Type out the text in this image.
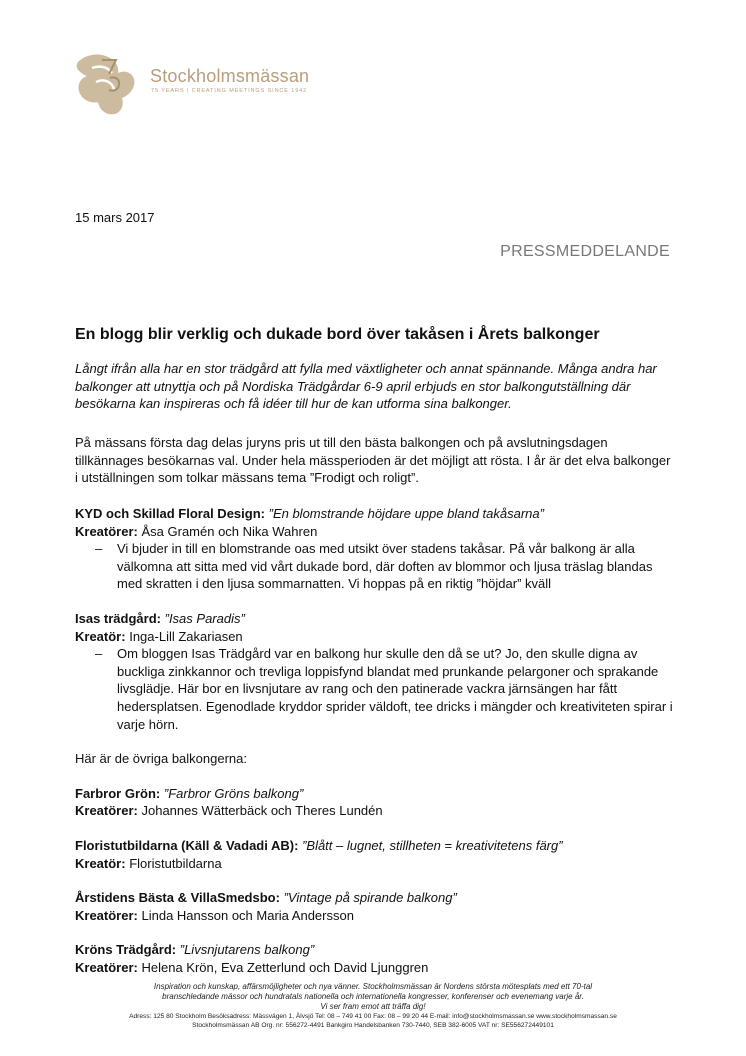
Stockholmsmässan
75 YEARS | CREATING MEETINGS SINCE 1942
15 mars 2017
PRESSMEDDELANDE
En blogg blir verklig och dukade bord över takåsen i Årets balkonger
Långt ifrån alla har en stor trädgård att fylla med växtligheter och annat spännande. Många andra har balkonger att utnyttja och på Nordiska Trädgårdar 6-9 april erbjuds en stor balkongutställning där besökarna kan inspireras och få idéer till hur de kan utforma sina balkonger.
På mässans första dag delas juryns pris ut till den bästa balkongen och på avslutningsdagen tillkännages besökarnas val. Under hela mässperioden är det möjligt att rösta. I år är det elva balkonger i utställningen som tolkar mässans tema ”Frodigt och roligt”.

KYD och Skillad Floral Design: ”En blomstrande höjdare uppe bland takåsarna”

Kreatörer: Åsa Gramén och Nika Wahren

– Vi bjuder in till en blomstrande oas med utsikt över stadens takåsar. På vår balkong är alla välkomna att sitta med vid vårt dukade bord, där doften av blommor och ljusa träslag blandas med skratten i den ljusa sommarnatten. Vi hoppas på en riktig ”höjdar” kväll

Isas trädgård: ”Isas Paradis”

Kreatör: Inga-Lill Zakariasen

– Om bloggen Isas Trädgård var en balkong hur skulle den då se ut? Jo, den skulle digna av buckliga zinkkannor och trevliga loppisfynd blandat med prunkande pelargoner och sprakande livsglädje. Här bor en livsnjutare av rang och den patinerade vackra järnsängen har fått hedersplatsen. Egenodlade kryddor sprider väldoft, tee dricks i mängder och kreativiteten spirar i varje hörn.

Här är de övriga balkongerna:

Farbror Grön: ”Farbror Gröns balkong”

Kreatörer: Johannes Wätterbäck och Theres Lundén

Floristutbildarna (Käll & Vadadi AB): ”Blått – lugnet, stillheten = kreativitetens färg”

Kreatör: Floristutbildarna

Årstidens Bästa & VillaSmedsbo: ”Vintage på spirande balkong”

Kreatörer: Linda Hansson och Maria Andersson

Kröns Trädgård: ”Livsnjutarens balkong”

Kreatörer: Helena Krön, Eva Zetterlund och David Ljunggren

Inspiration och kunskap, affärsmöjligheter och nya vänner. Stockholmsmässan är Nordens största mötesplats med ett 70-tal

branschledande mässor och hundratals nationella och internationella kongresser, konferenser och evenemang varje år.

Vi ser fram emot att träffa dig!

Adress: 125 80 Stockholm Besöksadress: Mässvägen 1, Älvsjö Tel: 08 – 749 41 00 Fax: 08 – 99 20 44 E-mail: info@stockholmsmassan.se www.stockholmsmassan.se

Stockholmsmässan AB Org. nr: 556272-4491 Bankgiro Handelsbanken 730-7440, SEB 382-6005 VAT nr: SE556272449101
